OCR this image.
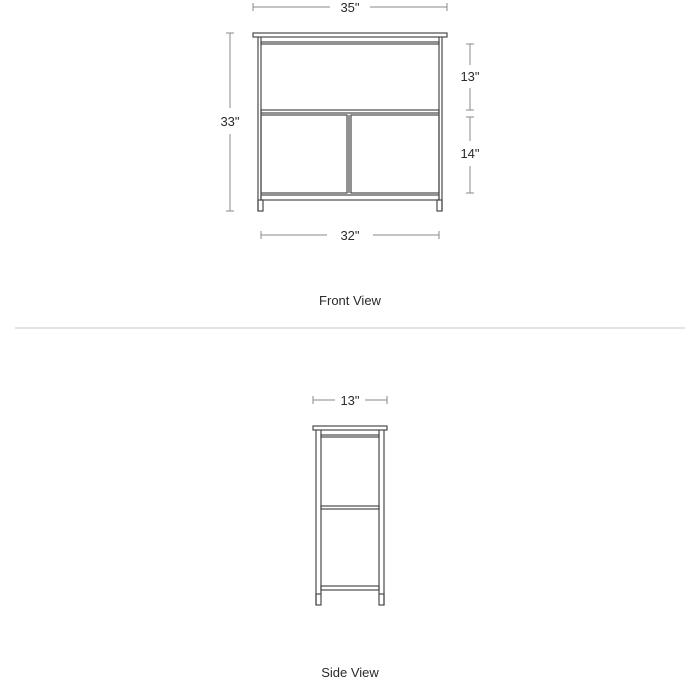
35"
33"
13"
14"
32"
Front View
13"
Side View
